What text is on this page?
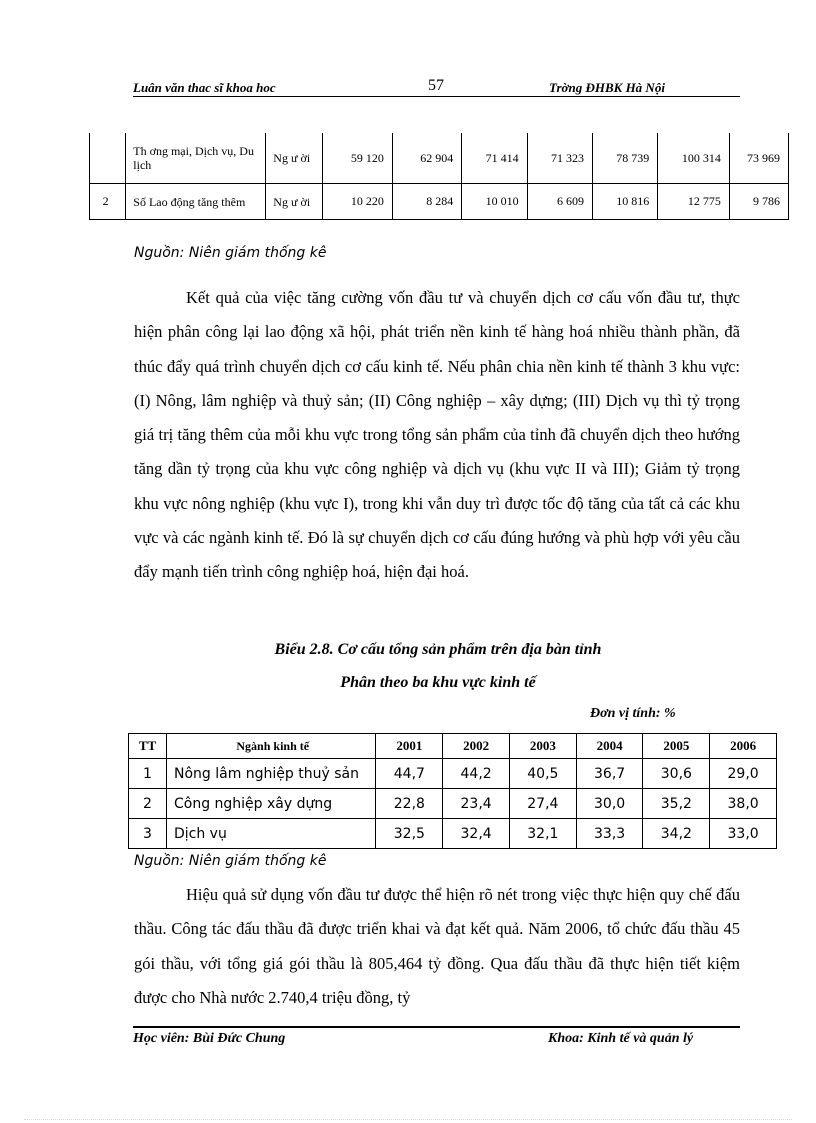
Luân văn thac sĩ khoa hoc	57	Trờng ĐHBK Hà Nội
	Th ơng mại, Dịch vụ, Du lịch	Ng ư ời	59 120	62 904	71 414	71 323	78 739	100 314	73 969
2	Số Lao động tăng thêm	Ng ư ời	10 220	8 284	10 010	6 609	10 816	12 775	9 786
Nguồn: Niên giám thống kê

Kết quả của việc tăng cường vốn đầu tư và chuyển dịch cơ cấu vốn đầu tư, thực hiện phân công lại lao động xã hội, phát triển nền kinh tế hàng hoá nhiều thành phần, đã thúc đẩy quá trình chuyển dịch cơ cấu kinh tế. Nếu phân chia nền kinh tế thành 3 khu vực: (I) Nông, lâm nghiệp và thuỷ sản; (II) Công nghiệp – xây dựng; (III) Dịch vụ thì tỷ trọng giá trị tăng thêm của mỗi khu vực trong tổng sản phẩm của tỉnh đã chuyển dịch theo hướng tăng dần tỷ trọng của khu vực công nghiệp và dịch vụ (khu vực II và III); Giảm tỷ trọng khu vực nông nghiệp (khu vực I), trong khi vẫn duy trì được tốc độ tăng của tất cả các khu vực và các ngành kinh tế. Đó là sự chuyển dịch cơ cấu đúng hướng và phù hợp với yêu cầu đẩy mạnh tiến trình công nghiệp hoá, hiện đại hoá.

Biểu 2.8. Cơ cấu tổng sản phẩm trên địa bàn tỉnh
Phân theo ba khu vực kinh tế
Đơn vị tính: %
TT	Ngành kinh tế	2001	2002	2003	2004	2005	2006
1	Nông lâm nghiệp thuỷ sản	44,7	44,2	40,5	36,7	30,6	29,0
2	Công nghiệp xây dựng	22,8	23,4	27,4	30,0	35,2	38,0
3	Dịch vụ	32,5	32,4	32,1	33,3	34,2	33,0
Nguồn: Niên giám thống kê

Hiệu quả sử dụng vốn đầu tư được thể hiện rõ nét trong việc thực hiện quy chế đấu thầu. Công tác đấu thầu đã được triển khai và đạt kết quả. Năm 2006, tổ chức đấu thầu 45 gói thầu, với tổng giá gói thầu là 805,464 tỷ đồng. Qua đấu thầu đã thực hiện tiết kiệm được cho Nhà nước 2.740,4 triệu đồng, tỷ

Học viên: Bùi Đức Chung	Khoa: Kinh tế và quản lý
